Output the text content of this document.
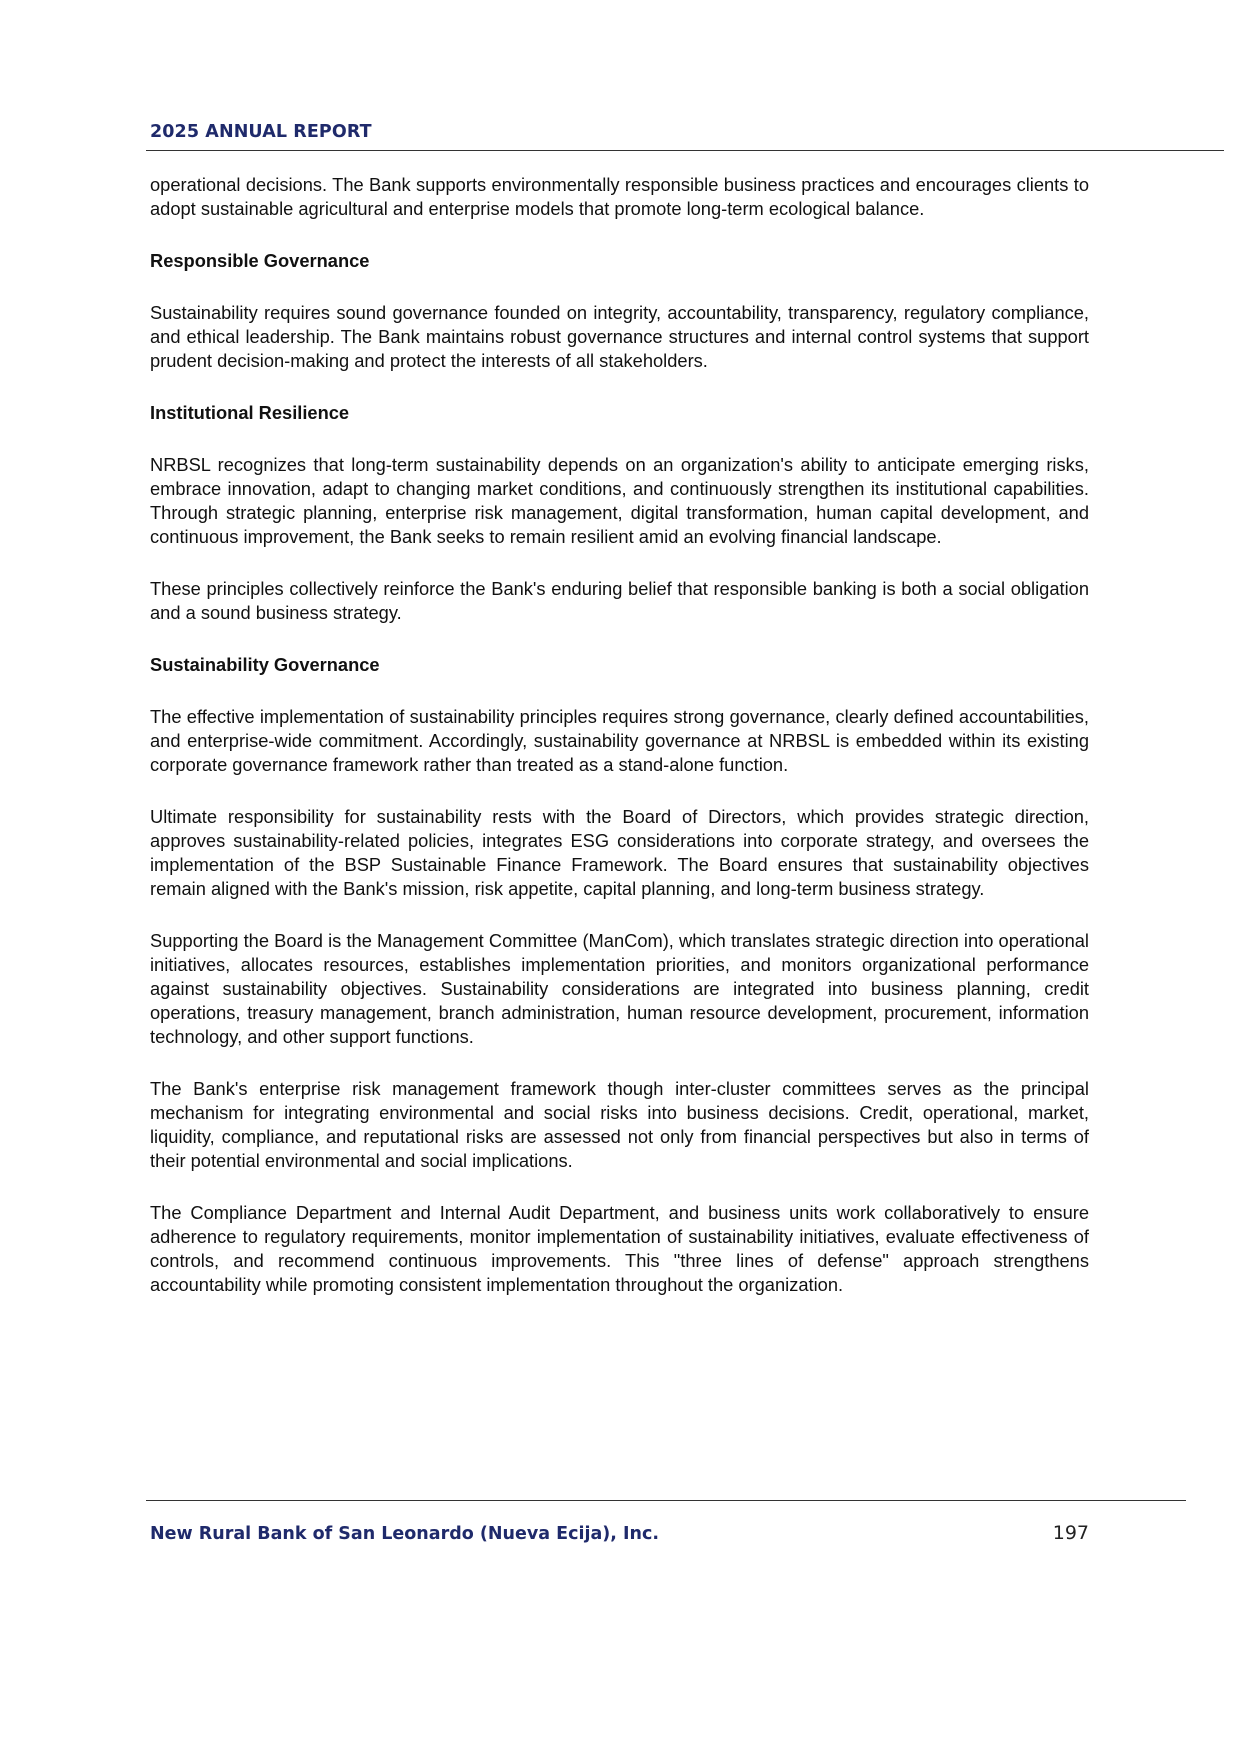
2025 ANNUAL REPORT

operational decisions. The Bank supports environmentally responsible business practices and encourages clients to adopt sustainable agricultural and enterprise models that promote long-term ecological balance.

Responsible Governance

Sustainability requires sound governance founded on integrity, accountability, transparency, regulatory compliance, and ethical leadership. The Bank maintains robust governance structures and internal control systems that support prudent decision-making and protect the interests of all stakeholders.

Institutional Resilience

NRBSL recognizes that long-term sustainability depends on an organization's ability to anticipate emerging risks, embrace innovation, adapt to changing market conditions, and continuously strengthen its institutional capabilities. Through strategic planning, enterprise risk management, digital transformation, human capital development, and continuous improvement, the Bank seeks to remain resilient amid an evolving financial landscape.

These principles collectively reinforce the Bank's enduring belief that responsible banking is both a social obligation and a sound business strategy.

Sustainability Governance

The effective implementation of sustainability principles requires strong governance, clearly defined accountabilities, and enterprise-wide commitment. Accordingly, sustainability governance at NRBSL is embedded within its existing corporate governance framework rather than treated as a stand-alone function.

Ultimate responsibility for sustainability rests with the Board of Directors, which provides strategic direction, approves sustainability-related policies, integrates ESG considerations into corporate strategy, and oversees the implementation of the BSP Sustainable Finance Framework. The Board ensures that sustainability objectives remain aligned with the Bank's mission, risk appetite, capital planning, and long-term business strategy.

Supporting the Board is the Management Committee (ManCom), which translates strategic direction into operational initiatives, allocates resources, establishes implementation priorities, and monitors organizational performance against sustainability objectives. Sustainability considerations are integrated into business planning, credit operations, treasury management, branch administration, human resource development, procurement, information technology, and other support functions.

The Bank's enterprise risk management framework though inter-cluster committees serves as the principal mechanism for integrating environmental and social risks into business decisions. Credit, operational, market, liquidity, compliance, and reputational risks are assessed not only from financial perspectives but also in terms of their potential environmental and social implications.

The Compliance Department and Internal Audit Department, and business units work collaboratively to ensure adherence to regulatory requirements, monitor implementation of sustainability initiatives, evaluate effectiveness of controls, and recommend continuous improvements. This "three lines of defense" approach strengthens accountability while promoting consistent implementation throughout the organization.

New Rural Bank of San Leonardo (Nueva Ecija), Inc.	197
